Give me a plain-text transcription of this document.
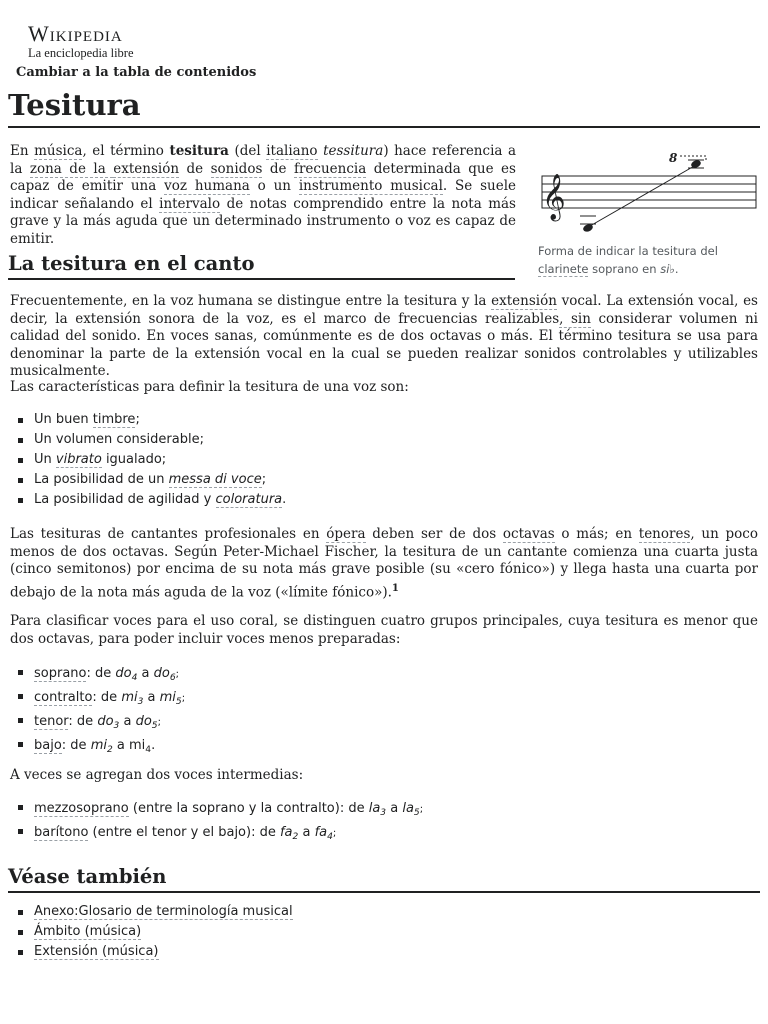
Wikipedia
La enciclopedia libre
Cambiar a la tabla de contenidos
Tesitura
𝄞
8
Forma de indicar la tesitura del clarinete soprano en si♭.

En música, el término tesitura (del italiano tessitura) hace referencia a la zona de la extensión de sonidos de frecuencia determinada que es capaz de emitir una voz humana o un instrumento musical. Se suele indicar señalando el intervalo de notas comprendido entre la nota más grave y la más aguda que un determinado instrumento o voz es capaz de emitir.

La tesitura en el canto

Frecuentemente, en la voz humana se distingue entre la tesitura y la extensión vocal. La extensión vocal, es decir, la extensión sonora de la voz, es el marco de frecuencias realizables, sin considerar volumen ni calidad del sonido. En voces sanas, comúnmente es de dos octavas o más. El término tesitura se usa para denominar la parte de la extensión vocal en la cual se pueden realizar sonidos controlables y utilizables musicalmente.

Las características para definir la tesitura de una voz son:

Un buen timbre;
Un volumen considerable;
Un vibrato igualado;
La posibilidad de un messa di voce;
La posibilidad de agilidad y coloratura.

Las tesituras de cantantes profesionales en ópera deben ser de dos octavas o más; en tenores, un poco menos de dos octavas. Según Peter-Michael Fischer, la tesitura de un cantante comienza una cuarta justa (cinco semitonos) por encima de su nota más grave posible (su «cero fónico») y llega hasta una cuarta por debajo de la nota más aguda de la voz («límite fónico»).$^1$

Para clasificar voces para el uso coral, se distinguen cuatro grupos principales, cuya tesitura es menor que dos octavas, para poder incluir voces menos preparadas:

soprano: de $do_4$ a $do_6$;
contralto: de $mi_3$ a $mi_5$;
tenor: de $do_3$ a $do_5$;
bajo: de $mi_2$ a $mi_4$.

A veces se agregan dos voces intermedias:

mezzosoprano (entre la soprano y la contralto): de $la_3$ a $la_5$;
barítono (entre el tenor y el bajo): de $fa_2$ a $fa_4$;
Véase también
Anexo:Glosario de terminología musical
Ámbito (música)
Extensión (música)
